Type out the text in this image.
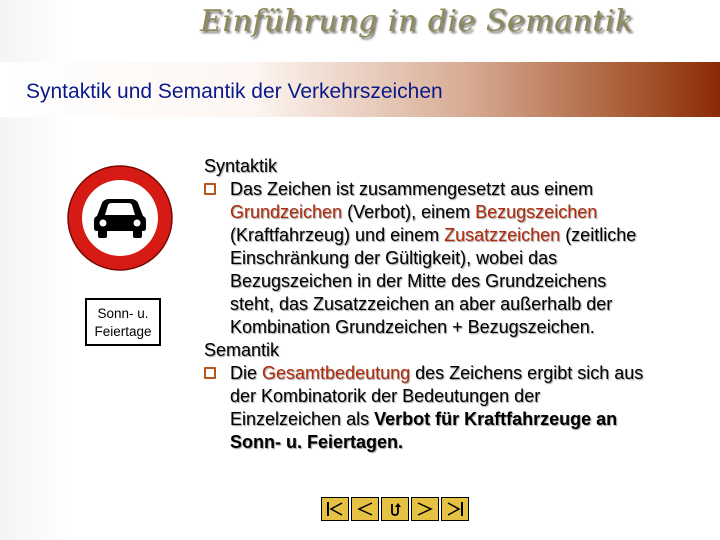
Einführung in die Semantik
Syntaktik und Semantik der Verkehrszeichen
Sonn- u.
Feiertage
Syntaktik
Das Zeichen ist zusammengesetzt aus einem
Grundzeichen (Verbot), einem Bezugszeichen
(Kraftfahrzeug) und einem Zusatzzeichen (zeitliche
Einschränkung der Gültigkeit), wobei das
Bezugszeichen in der Mitte des Grundzeichens
steht, das Zusatzzeichen an aber außerhalb der
Kombination Grundzeichen + Bezugszeichen.
Semantik
Die Gesamtbedeutung des Zeichens ergibt sich aus
der Kombinatorik der Bedeutungen der
Einzelzeichen als Verbot für Kraftfahrzeuge an
Sonn- u. Feiertagen.
